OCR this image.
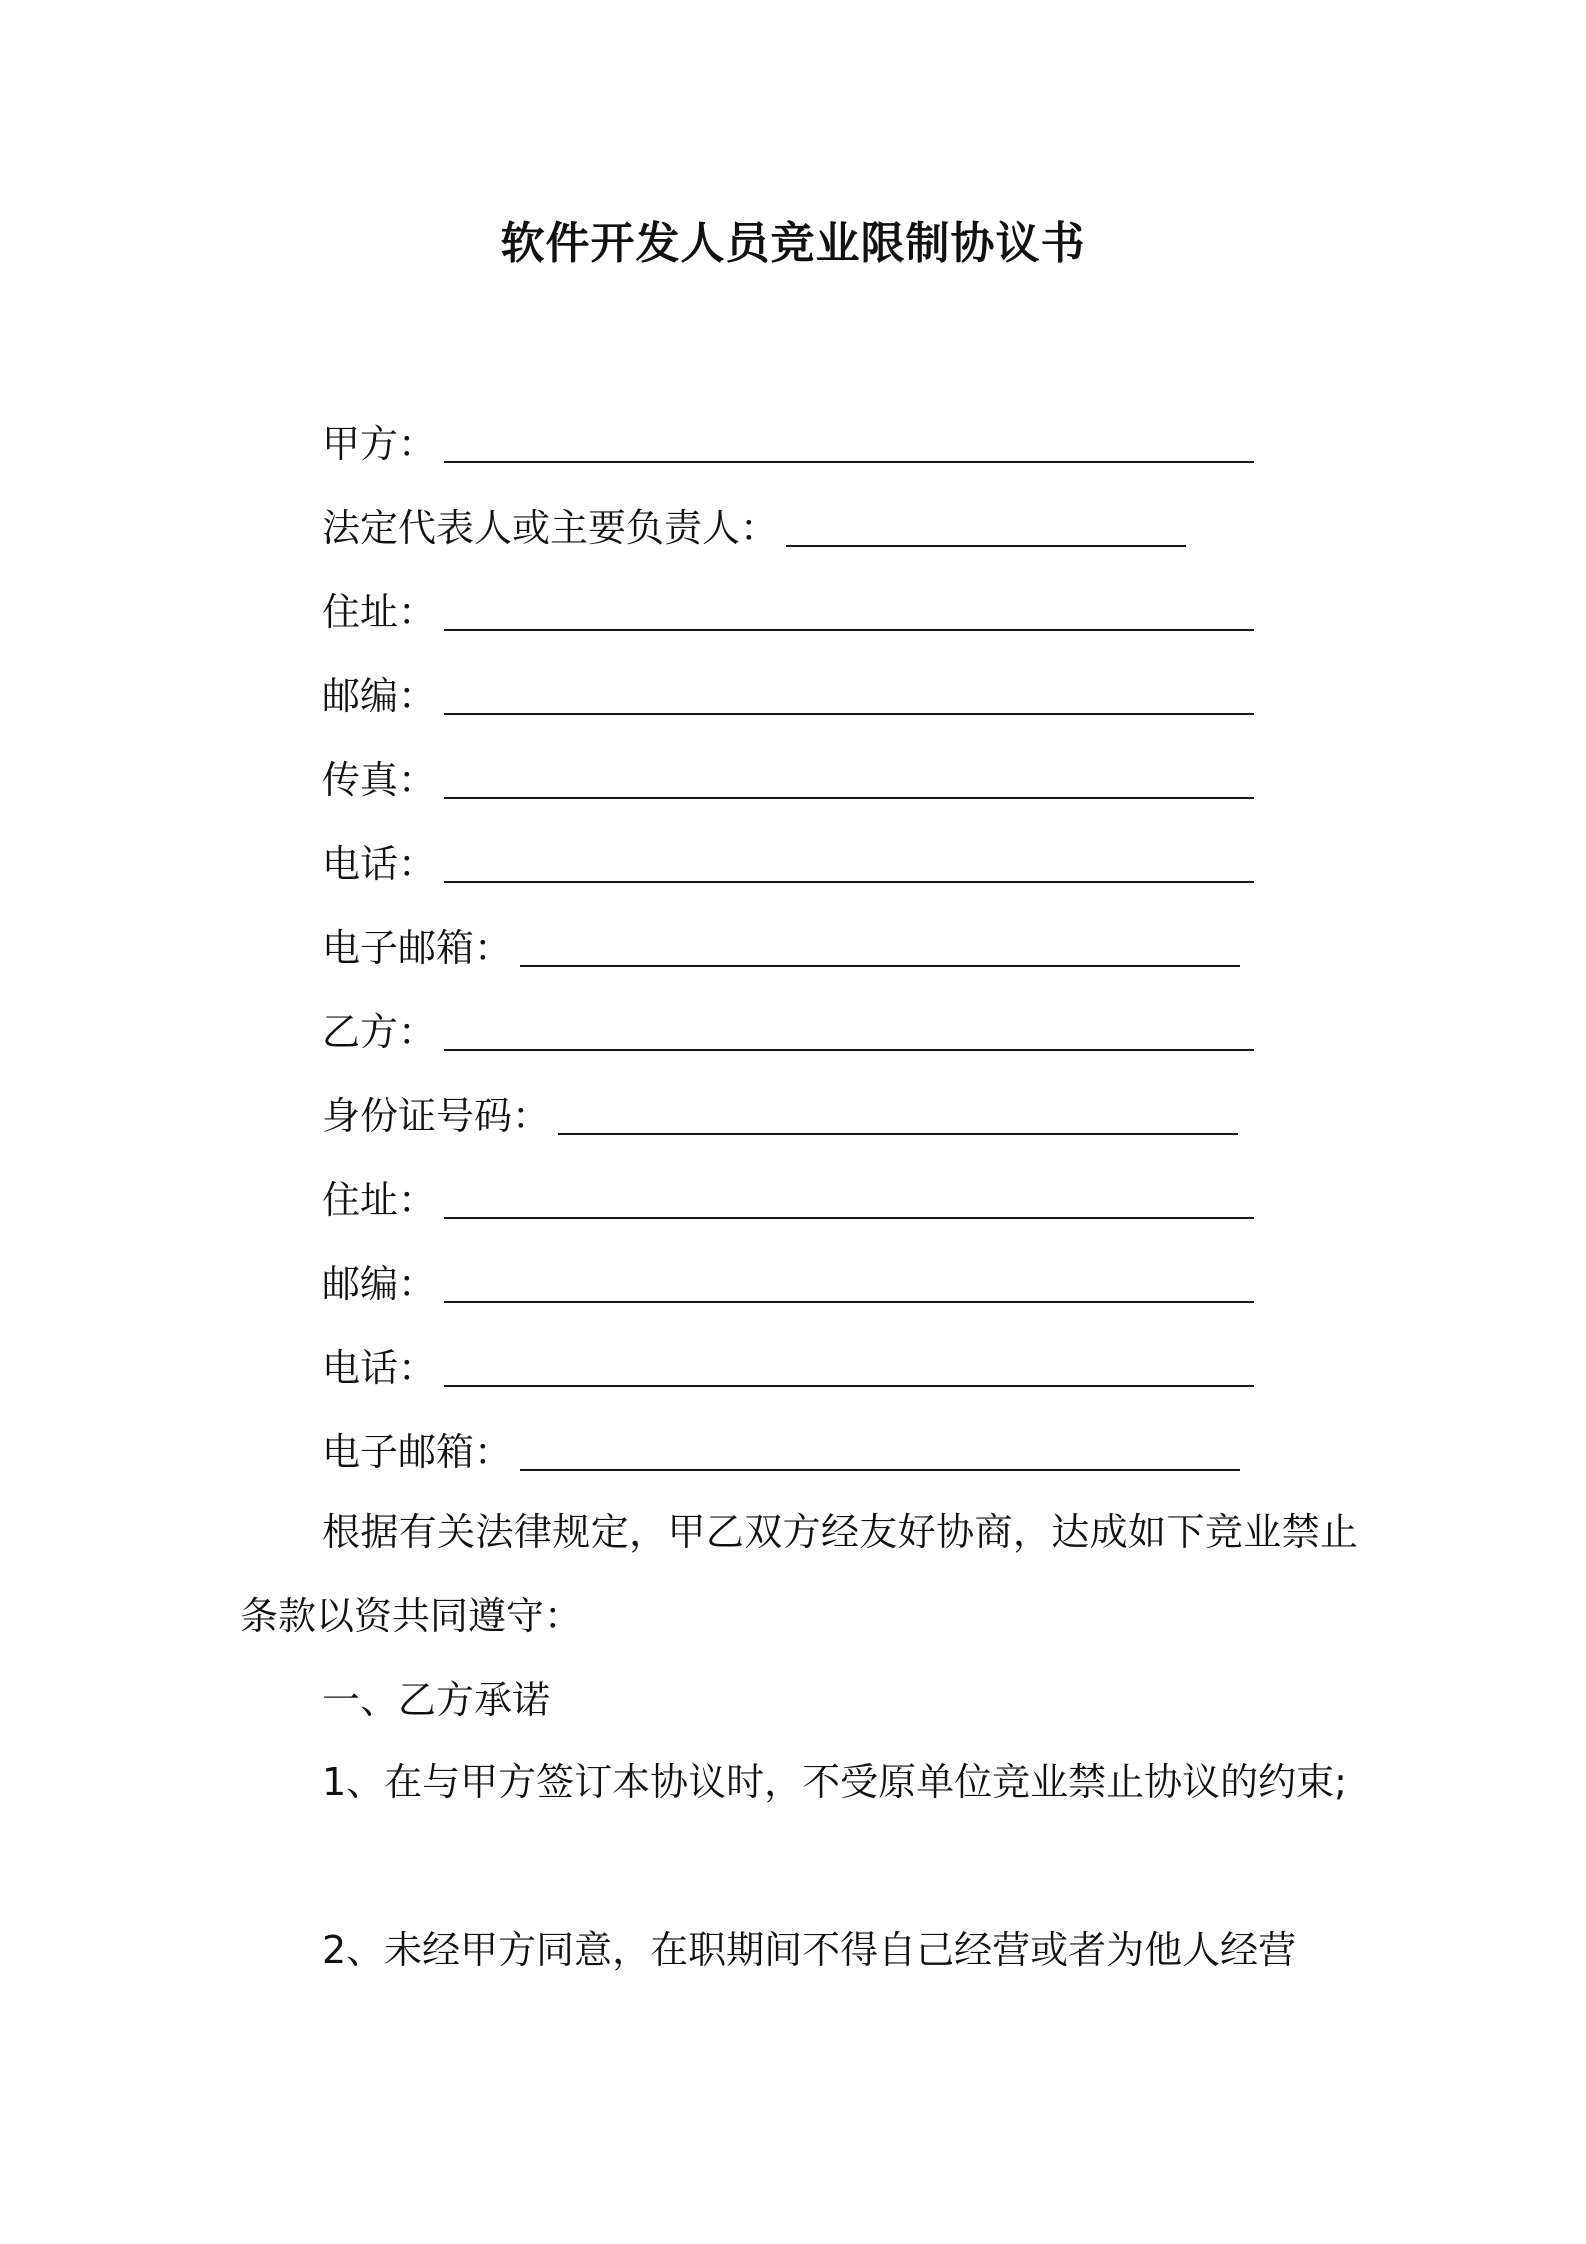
软件开发人员竞业限制协议书
甲方：
法定代表人或主要负责人：
住址：
邮编：
传真：
电话：
电子邮箱：
乙方：
身份证号码：
住址：
邮编：
电话：
电子邮箱：
根据有关法律规定，甲乙双方经友好协商，达成如下竞业禁止条款以资共同遵守：
一、乙方承诺
1、在与甲方签订本协议时，不受原单位竞业禁止协议的约束;
2、未经甲方同意，在职期间不得自己经营或者为他人经营
